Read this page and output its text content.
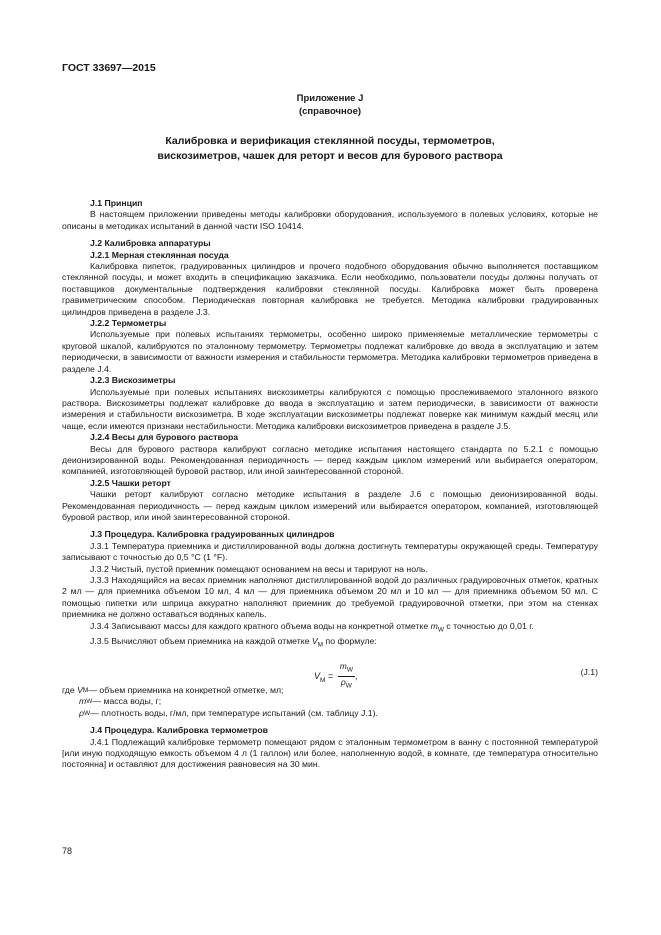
ГОСТ 33697—2015
Приложение J
(справочное)
Калибровка и верификация стеклянной посуды, термометров,
вискозиметров, чашек для реторт и весов для бурового раствора

J.1 Принцип

В настоящем приложении приведены методы калибровки оборудования, используемого в полевых условиях, которые не описаны в методиках испытаний в данной части ISO 10414.

J.2 Калибровка аппаратуры

J.2.1 Мерная стеклянная посуда

Калибровка пипеток, градуированных цилиндров и прочего подобного оборудования обычно выполняется поставщиком стеклянной посуды, и может входить в спецификацию заказчика. Если необходимо, пользователи посуды должны получать от поставщиков документальные подтверждения калибровки стеклянной посуды. Калибровка может быть проверена гравиметрическим способом. Периодическая повторная калибровка не требуется. Методика калибровки градуированных цилиндров приведена в разделе J.3.

J.2.2 Термометры

Используемые при полевых испытаниях термометры, особенно широко применяемые металлические термометры с круговой шкалой, калибруются по эталонному термометру. Термометры подлежат калибровке до ввода в эксплуатацию и затем периодически, в зависимости от важности измерения и стабильности термометра. Методика калибровки термометров приведена в разделе J.4.

J.2.3 Вискозиметры

Используемые при полевых испытаниях вискозиметры калибруются с помощью прослеживаемого эталонного вязкого раствора. Вискозиметры подлежат калибровке до ввода в эксплуатацию и затем периодически, в зависимости от важности измерения и стабильности вискозиметра. В ходе эксплуатации вискозиметры подлежат поверке как минимум каждый месяц или чаще, если имеются признаки нестабильности. Методика калибровки вискозиметров приведена в разделе J.5.

J.2.4 Весы для бурового раствора

Весы для бурового раствора калибруют согласно методике испытания настоящего стандарта по 5.2.1 с помощью деионизированной воды. Рекомендованная периодичность — перед каждым циклом измерений или выбирается оператором, компанией, изготовляющей буровой раствор, или иной заинтересованной стороной.

J.2.5 Чашки реторт

Чашки реторт калибруют согласно методике испытания в разделе J.6 с помощью деионизированной воды. Рекомендованная периодичность — перед каждым циклом измерений или выбирается оператором, компанией, изготовляющей буровой раствор, или иной заинтересованной стороной.

J.3 Процедура. Калибровка градуированных цилиндров

J.3.1 Температура приемника и дистиллированной воды должна достигнуть температуры окружающей среды. Температуру записывают с точностью до 0,5 °C (1 °F).

J.3.2 Чистый, пустой приемник помещают основанием на весы и тарируют на ноль.

J.3.3 Находящийся на весах приемник наполняют дистиллированной водой до различных градуировочных отметок, кратных 2 мл — для приемника объемом 10 мл, 4 мл — для приемника объемом 20 мл и 10 мл — для приемника объемом 50 мл. С помощью пипетки или шприца аккуратно наполняют приемник до требуемой градуировочной отметки, при этом на стенках приемника не должно оставаться водяных капель.

J.3.4 Записывают массы для каждого кратного объема воды на конкретной отметке $m_W$ с точностью до 0,01 г.

J.3.5 Вычисляют объем приемника на каждой отметке $V_M$ по формуле:

$V_M = \frac{m_W}{\rho_W}$ ,	(J.1)
где
V M — объем приемника на конкретной отметке, мл;
m W — масса воды, г;
ρ W — плотность воды, г/мл, при температуре испытаний (см. таблицу J.1).

J.4 Процедура. Калибровка термометров

J.4.1 Подлежащий калибровке термометр помещают рядом с эталонным термометром в ванну с постоянной температурой [или иную подходящую емкость объемом 4 л (1 галлон) или более, наполненную водой, в комнате, где температура относительно постоянна] и оставляют для достижения равновесия на 30 мин.

78
